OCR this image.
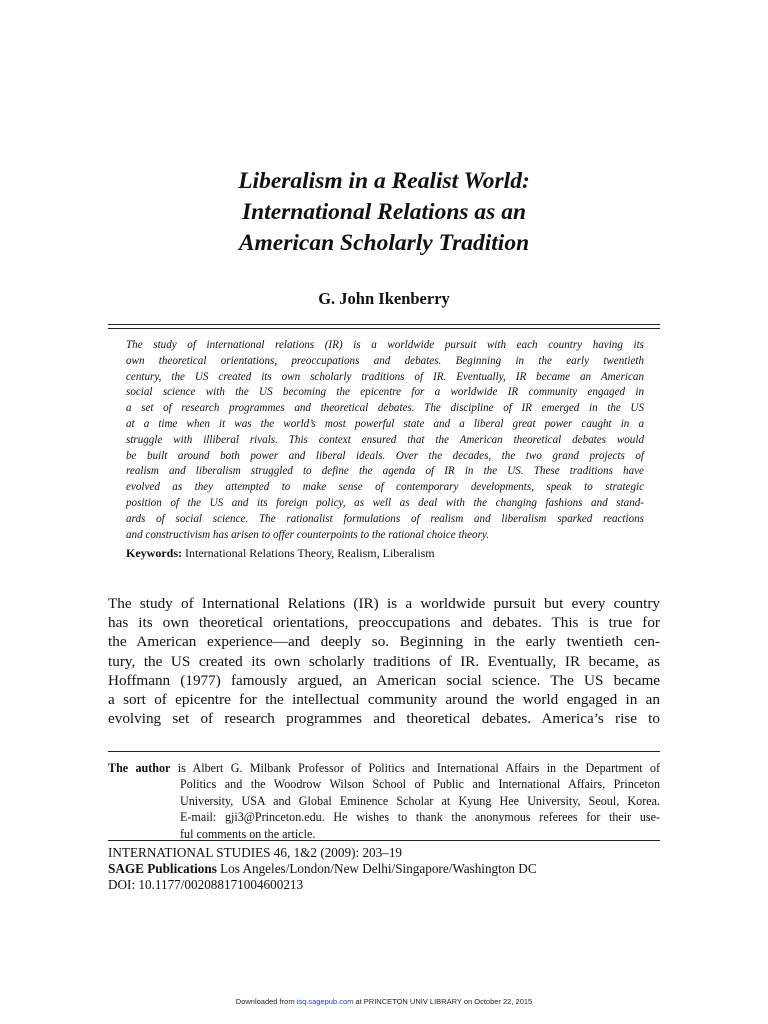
Liberalism in a Realist World:
International Relations as an
American Scholarly Tradition
G. John Ikenberry
The study of international relations (IR) is a worldwide pursuit with each country having its
own theoretical orientations, preoccupations and debates. Beginning in the early twentieth
century, the US created its own scholarly traditions of IR. Eventually, IR became an American
social science with the US becoming the epicentre for a worldwide IR community engaged in
a set of research programmes and theoretical debates. The discipline of IR emerged in the US
at a time when it was the world’s most powerful state and a liberal great power caught in a
struggle with illiberal rivals. This context ensured that the American theoretical debates would
be built around both power and liberal ideals. Over the decades, the two grand projects of
realism and liberalism struggled to define the agenda of IR in the US. These traditions have
evolved as they attempted to make sense of contemporary developments, speak to strategic
position of the US and its foreign policy, as well as deal with the changing fashions and stand-
ards of social science. The rationalist formulations of realism and liberalism sparked reactions
and constructivism has arisen to offer counterpoints to the rational choice theory.
Keywords: International Relations Theory, Realism, Liberalism
The study of International Relations (IR) is a worldwide pursuit but every country
has its own theoretical orientations, preoccupations and debates. This is true for
the American experience—and deeply so. Beginning in the early twentieth cen-
tury, the US created its own scholarly traditions of IR. Eventually, IR became, as
Hoffmann (1977) famously argued, an American social science. The US became
a sort of epicentre for the intellectual community around the world engaged in an
evolving set of research programmes and theoretical debates. America’s rise to
The author is Albert G. Milbank Professor of Politics and International Affairs in the Department of
Politics and the Woodrow Wilson School of Public and International Affairs, Princeton
University, USA and Global Eminence Scholar at Kyung Hee University, Seoul, Korea.
E-mail: gji3@Princeton.edu. He wishes to thank the anonymous referees for their use-
ful comments on the article.
INTERNATIONAL STUDIES 46, 1&2 (2009): 203–19
SAGE Publications Los Angeles/London/New Delhi/Singapore/Washington DC
DOI: 10.1177/002088171004600213
Downloaded from isq.sagepub.com at PRINCETON UNIV LIBRARY on October 22, 2015
